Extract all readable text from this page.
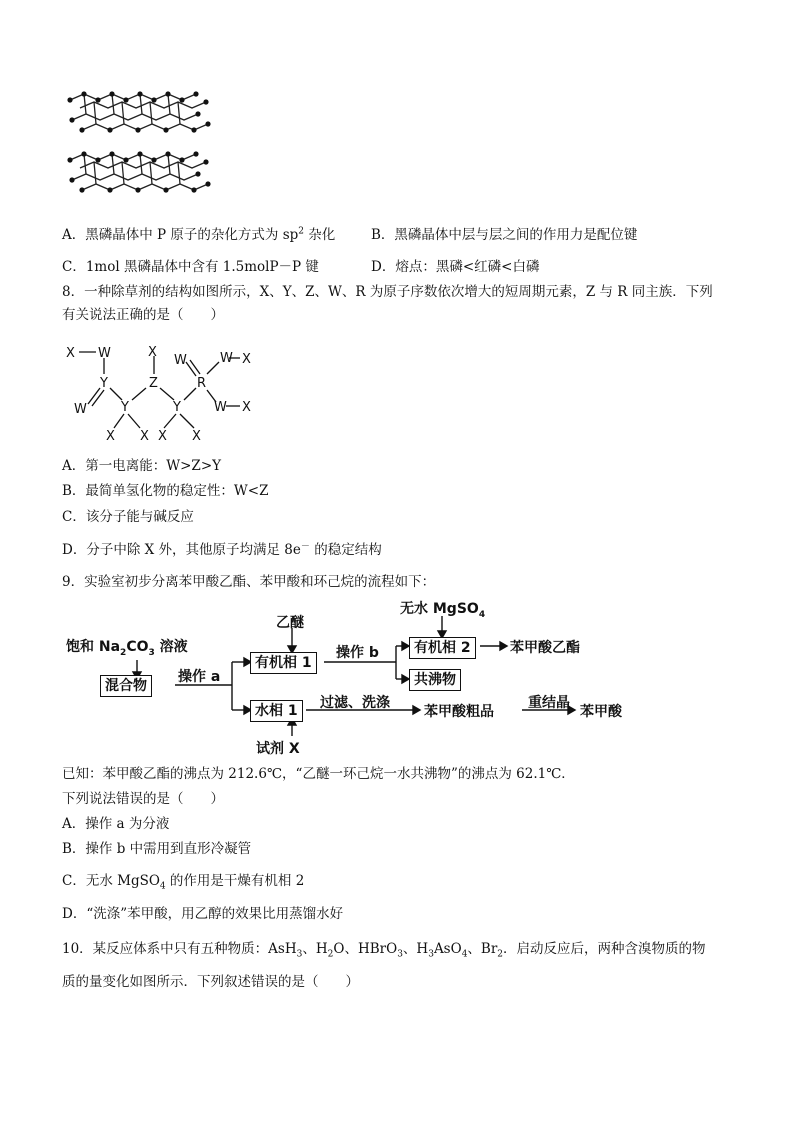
A．黑磷晶体中 P 原子的杂化方式为 $sp^2$ 杂化	B．黑磷晶体中层与层之间的作用力是配位键
C．1mol 黑磷晶体中含有 1.5molP－P 键	D．熔点：黑磷<红磷<白磷
8．一种除草剂的结构如图所示，X、Y、Z、W、R 为原子序数依次增大的短周期元素，Z 与 R 同主族．下列
有关说法正确的是（　　）
X W	X
W	W X
Y	Z	R
W	Y	Y	W X
X X X X
A．第一电离能：W>Z>Y
B．最简单氢化物的稳定性：W<Z
C．该分子能与碱反应
D．分子中除 X 外，其他原子均满足 8e－ 的稳定结构
9．实验室初步分离苯甲酸乙酯、苯甲酸和环己烷的流程如下：
无水 MgSO$_4$
乙醚
饱和 $Na_2CO_3$ 溶液
混合物
操作 a
有机相 1
操作 b	有机相 2	苯甲酸乙酯
共沸物
水相 1	过滤、洗涤
苯甲酸粗品
重结晶
苯甲酸
试剂 X
已知：苯甲酸乙酯的沸点为 212.6℃，“乙醚一环己烷一水共沸物”的沸点为 62.1℃．
下列说法错误的是（　　）
A．操作 a 为分液
B．操作 b 中需用到直形冷凝管
C．无水 MgSO$_4$ 的作用是干燥有机相 2
D．“洗涤”苯甲酸，用乙醇的效果比用蒸馏水好
10．某反应体系中只有五种物质：AsH$_3$、$H_2O$、HBrO$_3$、$H_3AsO_4$、$Br_2$．启动反应后，两种含溴物质的物
质的量变化如图所示．下列叙述错误的是（　　）
